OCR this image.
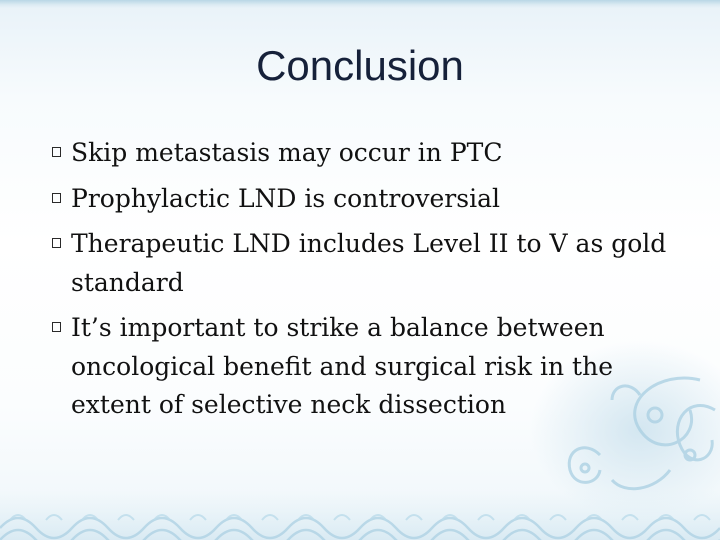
Conclusion
Skip metastasis may occur in PTC
Prophylactic LND is controversial
Therapeutic LND includes Level II to V as gold standard
It’s important to strike a balance between oncological benefit and surgical risk in the extent of selective neck dissection
